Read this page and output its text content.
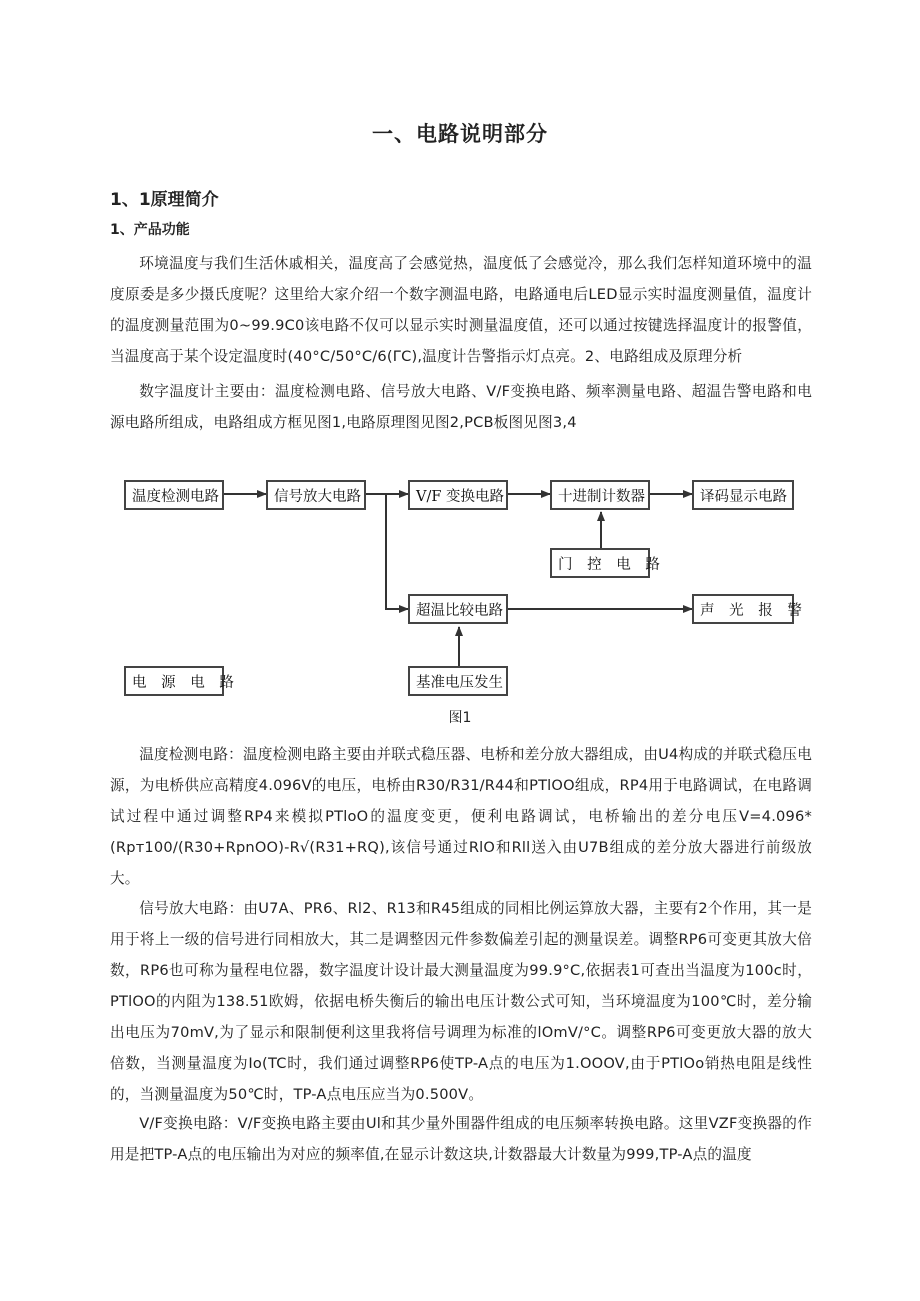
一、电路说明部分
1、1原理简介
1、产品功能

环境温度与我们生活休戚相关，温度高了会感觉热，温度低了会感觉冷，那么我们怎样知道环境中的温度原委是多少摄氏度呢？这里给大家介绍一个数字测温电路，电路通电后LED显示实时温度测量值，温度计的温度测量范围为0~99.9C0该电路不仅可以显示实时测量温度值，还可以通过按键选择温度计的报警值，当温度高于某个设定温度时(40°C∕50°C∕6(ΓC),温度计告警指示灯点亮。2、电路组成及原理分析

数字温度计主要由：温度检测电路、信号放大电路、V/F变换电路、频率测量电路、超温告警电路和电源电路所组成，电路组成方框见图1,电路原理图见图2,PCB板图见图3,4

温度检测电路	信号放大电路	V/F 变换电路	十进制计数器	译码显示电路
门 控 电 路
超温比较电路	声 光 报 警
电 源 电 路	基准电压发生

图1

温度检测电路：温度检测电路主要由并联式稳压器、电桥和差分放大器组成，由U4构成的并联式稳压电源，为电桥供应高精度4.096V的电压，电桥由R30/R31/R44和PTlOO组成，RP4用于电路调试，在电路调试过程中通过调整RP4来模拟PTloO的温度变更，便利电路调试，电桥输出的差分电压V=4.096*(Rpт100/(R30+RpnOO)-R√(R31+RQ),该信号通过RlO和Rll送入由U7B组成的差分放大器进行前级放大。

信号放大电路：由U7A、PR6、Rl2、R13和R45组成的同相比例运算放大器，主要有2个作用，其一是用于将上一级的信号进行同相放大，其二是调整因元件参数偏差引起的测量误差。调整RP6可变更其放大倍数，RP6也可称为量程电位器，数字温度计设计最大测量温度为99.9°C,依据表1可查出当温度为100c时，PTlOO的内阻为138.51欧姆，依据电桥失衡后的输出电压计数公式可知，当环境温度为100℃时，差分输出电压为70mV,为了显示和限制便利这里我将信号调理为标准的lOmV/°C。调整RP6可变更放大器的放大倍数，当测量温度为Io(TC时，我们通过调整RP6使TP-A点的电压为1.OOOV,由于PTlOo销热电阻是线性的，当测量温度为50℃时，TP-A点电压应当为0.500V。

V/F变换电路：V/F变换电路主要由Ul和其少量外围器件组成的电压频率转换电路。这里VZF变换器的作用是把TP-A点的电压输出为对应的频率值,在显示计数这块,计数器最大计数量为999,TP-A点的温度
